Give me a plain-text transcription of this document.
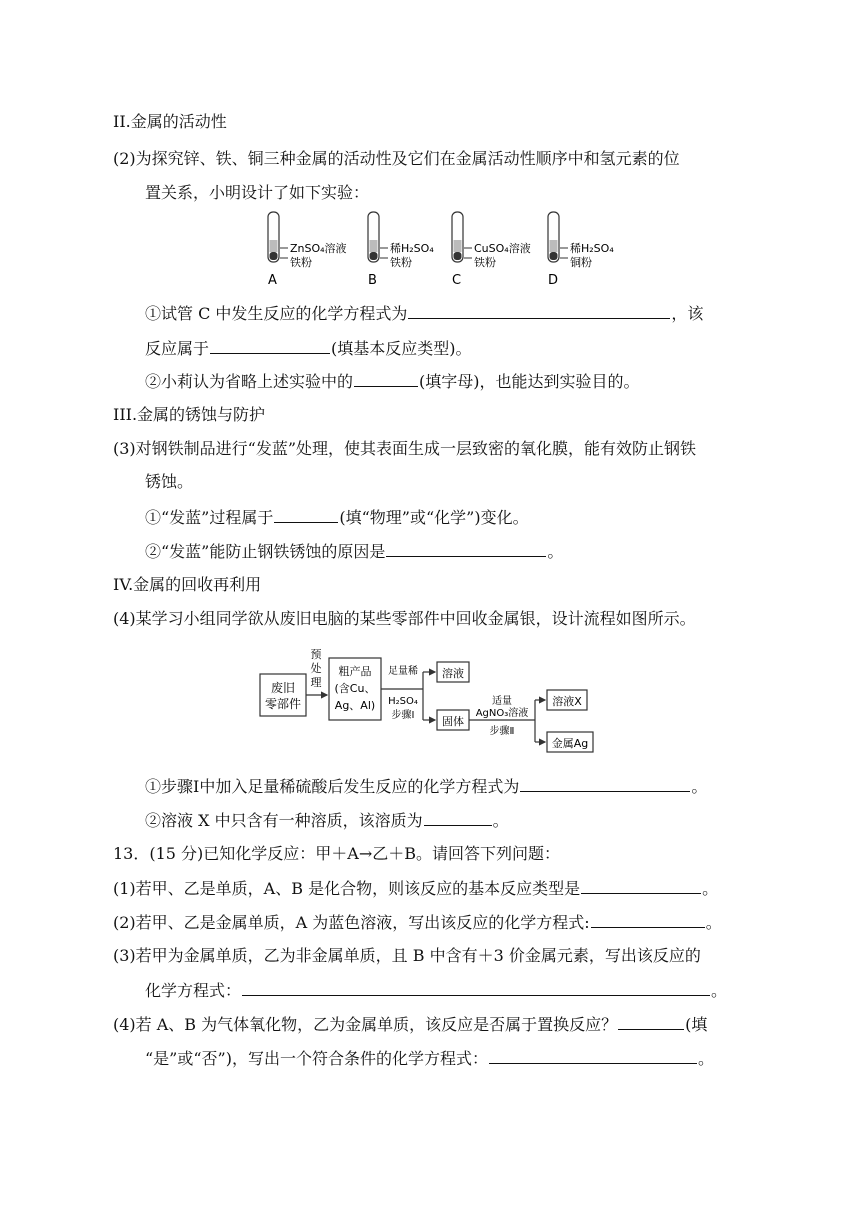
II.金属的活动性
(2)为探究锌、铁、铜三种金属的活动性及它们在金属活动性顺序中和氢元素的位
置关系，小明设计了如下实验：
ZnSO₄溶液
铁粉
A
稀H₂SO₄
铁粉
B
CuSO₄溶液
铁粉
C
稀H₂SO₄
铜粉
D
①试管 C 中发生反应的化学方程式为	，该
反应属于	(填基本反应类型)。
②小莉认为省略上述实验中的	(填字母)，也能达到实验目的。
III.金属的锈蚀与防护
(3)对钢铁制品进行“发蓝”处理，使其表面生成一层致密的氧化膜，能有效防止钢铁
锈蚀。
①“发蓝”过程属于	(填“物理”或“化学”)变化。
②“发蓝”能防止钢铁锈蚀的原因是	。
IV.金属的回收再利用
(4)某学习小组同学欲从废旧电脑的某些零部件中回收金属银，设计流程如图所示。
废旧
零部件
预
处
理
粗产品
(含Cu、
Ag、Al)
足量稀
H₂SO₄
步骤Ⅰ
溶液
固体
适量
AgNO₃溶液
步骤Ⅱ
溶液X
金属Ag
①步骤I中加入足量稀硫酸后发生反应的化学方程式为	。
②溶液 X 中只含有一种溶质，该溶质为	。
13．(15 分)已知化学反应：甲＋A→乙＋B。请回答下列问题：
(1)若甲、乙是单质，A、B 是化合物，则该反应的基本反应类型是	。
(2)若甲、乙是金属单质，A 为蓝色溶液，写出该反应的化学方程式:	。
(3)若甲为金属单质，乙为非金属单质，且 B 中含有＋3 价金属元素，写出该反应的
化学方程式：	。
(4)若 A、B 为气体氧化物，乙为金属单质，该反应是否属于置换反应？	(填
“是”或“否”)，写出一个符合条件的化学方程式：	。
